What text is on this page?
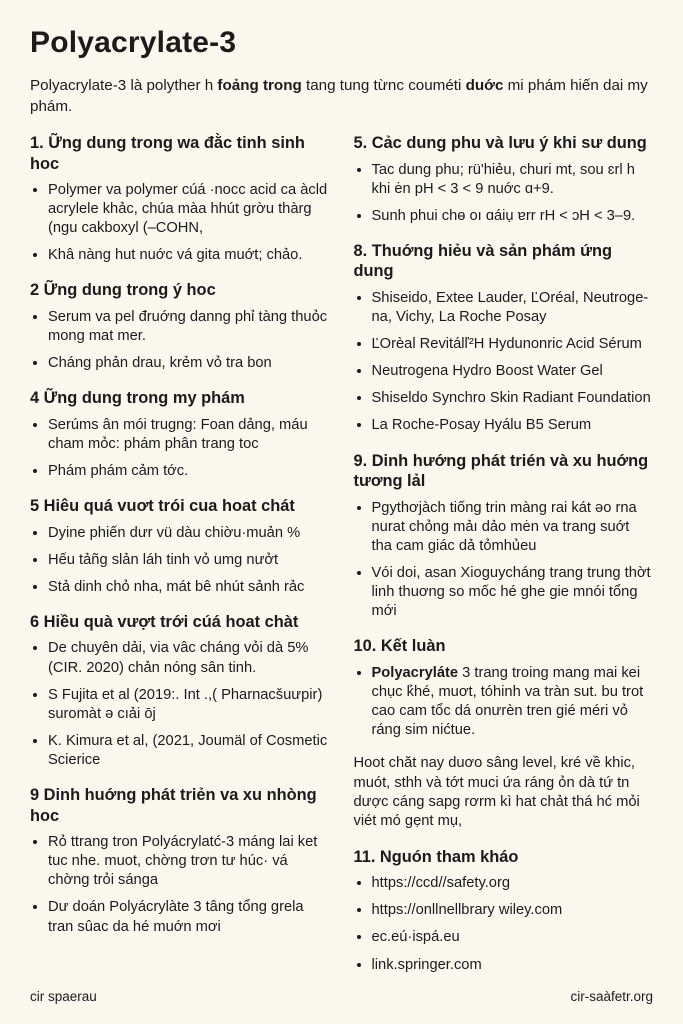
Polyacrylate-3

Polyacrylate-3 là polyther h foảng trong tang tung từnc couméti duớc mi phám hiến dai my phám.

1. Ững dung trong wa đằc tinh sinh hoc
• Polymer va polymer cúá ·nocc acid ca àcld acrylele khảc, chúa màa hhút grờu thàrg (ngu cakboxyl (–COHN,
• Khâ nàng hut nuớc vá gita muớt; chảo.
2 Ững dung trong ý hoc
• Serum va pel đruớng danng phỉ tàng thuỏc mong mat mer.
• Cháng phản drau, krẻm vỏ tra bon
4 Ững dung trong my phám
• Serúms ân mói trugng: Foan dảng, máu cham mỏc: phám phân trang toc
• Phám phám cảm tớc.
5 Hiêu quá vuơt trói cua hoat chát
• Dyine phiến dưr vü dàu chiờu·muản %
• Hếu tảñg slản láh tinh vỏ umg nưởt
• Stả dinh chỏ nha, mát bê nhút sảnh rảc
6 Hiều quà vượt trới cúá hoat chàt
• De chuyên dải, via vâc cháng vỏi dà 5% (CIR. 2020) chản nóng sân tinh.
• S Fujita et al (2019:. Int .,( Pharnacšuưpir) suromàt ə cıải ōj
• K. Kimura et al, (2021, Joumäl of Cosmetic Scierice
9 Dinh huớng phát triẻn va xu nhòng hoc
• Rỏ ttrang tron Polyácrylatć-3 máng lai ket tuc nhe. muot, chờng trơn tư húc· vá chờng trỏi sánga
• Dư doán Polyácrylàte 3 tâng tổng grela tran sûac da hé muớn mơi
5. Cảc dung phu và lưu ý khi sư dung
• Tac dung phu; rü'hiẻu, churi mt, sou ɛrl h khi ėn pH < 3 < 9 nuớc ɑ+9.
• Sunh phui chɵ oı ɑáiụ ɐrr rH < ɔH < 3–9.
8. Thuớng hiẻu và sản phám ứng dung
• Shiseido, Extee Lauder, ĽOréal, Neutroge-na, Vichy, La Roche Posay
• ĽOrèal Revitálľ²H Hydunonric Acid Sérum
• Neutrogena Hydro Boost Water Gel
• Shiseldo Synchro Skin Radiant Foundation
• La Roche-Posay Hyálu B5 Serum
9. Dinh hướng phát trién và xu huớng tương lảl
• Pgythơjàch tiống trin màng rai kát əo rna nurat chỏng mảı dảo mėn va trang suớt tha cam giác dả tỏmhủeu
• Vói doi, asan Xioguycháng trang trung thờt linh thuơng so mốc hé ghe gie mnói tổng mới
10. Kết luàn
• Polyacryláte 3 trang troing mang mai kei chục k̉hé, muơt, tóhinh va tràn sut. bu trot cao cam tổc dá onưrèn tren gié méri vỏ ráng sim nićtue.

Hoot chăt nay duơo sâng level, kré về khic, muót, sthh và tớt muci ứa ráng ỏn dà tứ tn dược cáng sapg rơrm kì hat chảt thá hć mỏi viét mó gẹnt mụ,

11. Nguón tham kháo
• https://ccd//safety.org
• https://onllnellbrary wiley.com
• ec.eú·ispá.eu
• link.springer.com
cir spaerau	cir-saàfetr.org
